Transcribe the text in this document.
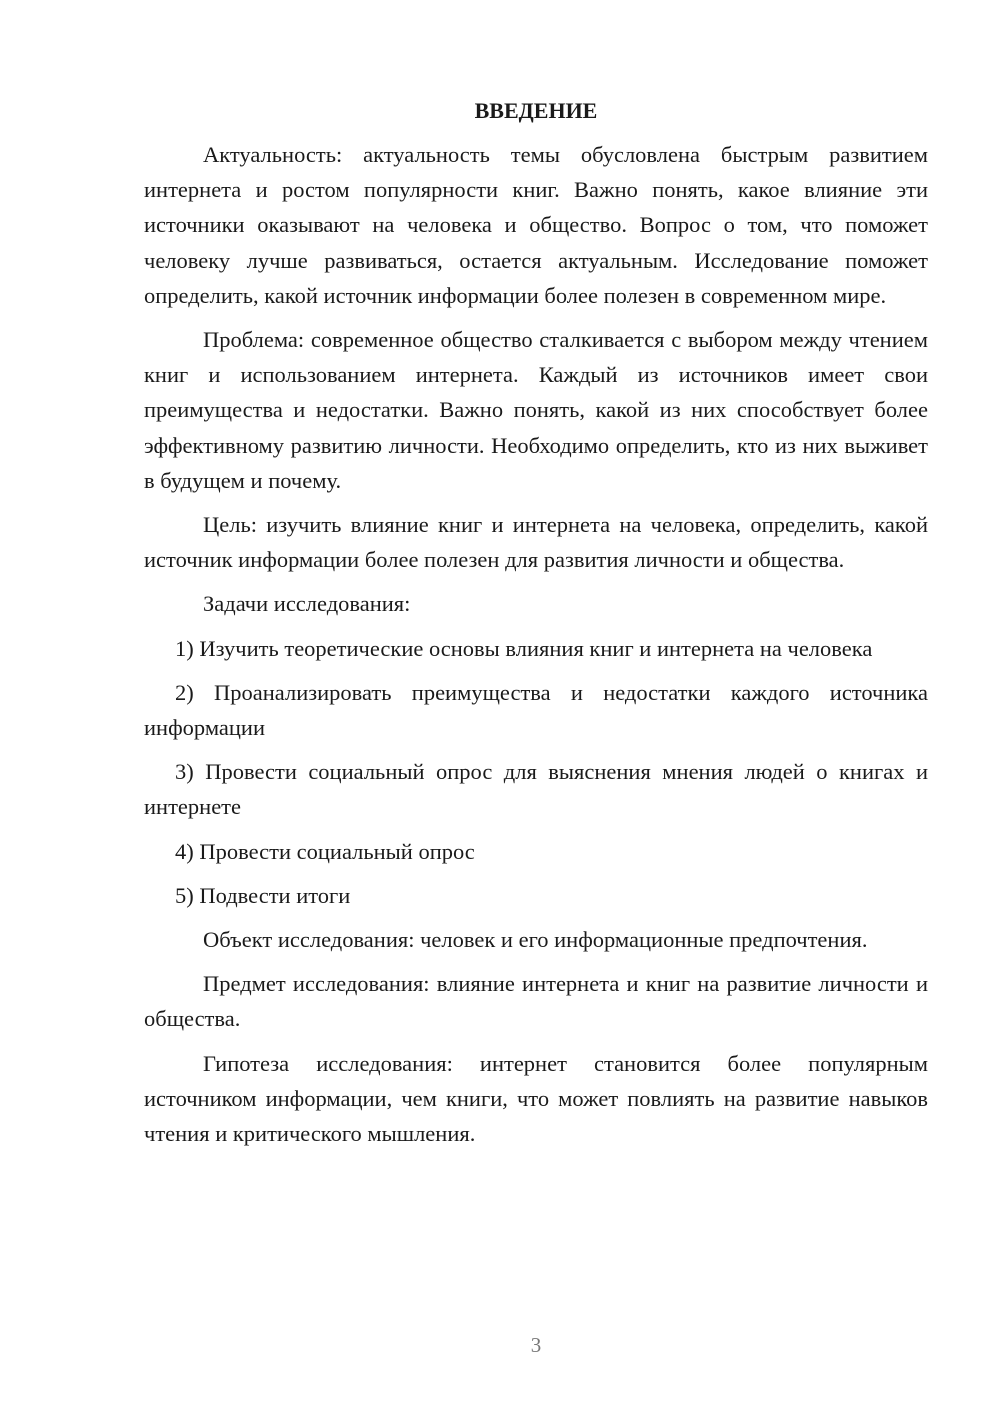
ВВЕДЕНИЕ

Актуальность: актуальность темы обусловлена быстрым развитием интернета и ростом популярности книг. Важно понять, какое влияние эти источники оказывают на человека и общество. Вопрос о том, что поможет человеку лучше развиваться, остается актуальным. Исследование поможет определить, какой источник информации более полезен в современном мире.

Проблема: современное общество сталкивается с выбором между чтением книг и использованием интернета. Каждый из источников имеет свои преимущества и недостатки. Важно понять, какой из них способствует более эффективному развитию личности. Необходимо определить, кто из них выживет в будущем и почему.

Цель: изучить влияние книг и интернета на человека, определить, какой источник информации более полезен для развития личности и общества.

Задачи исследования:

1) Изучить теоретические основы влияния книг и интернета на человека

2) Проанализировать преимущества и недостатки каждого источника информации

3) Провести социальный опрос для выяснения мнения людей о книгах и интернете

4) Провести социальный опрос

5) Подвести итоги

Объект исследования: человек и его информационные предпочтения.

Предмет исследования: влияние интернета и книг на развитие личности и общества.

Гипотеза исследования: интернет становится более популярным источником информации, чем книги, что может повлиять на развитие навыков чтения и критического мышления.

3
